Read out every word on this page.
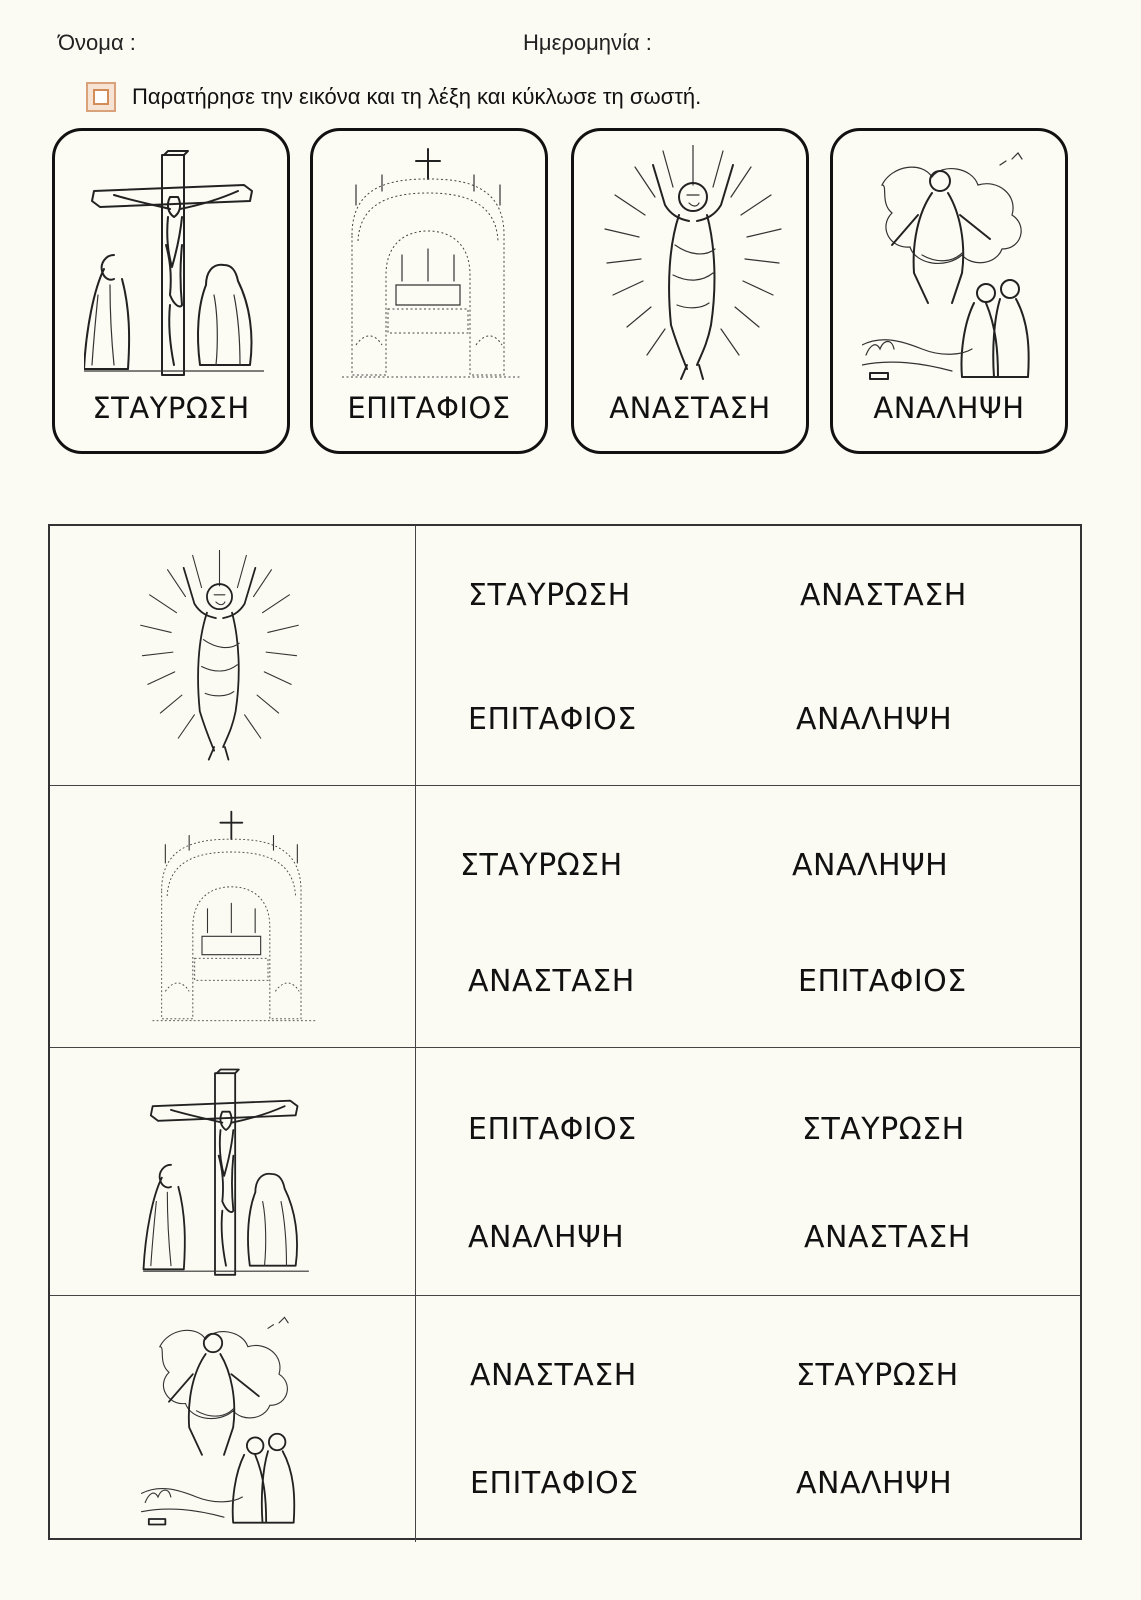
Όνομα :	Ημερομηνία :
Παρατήρησε την εικόνα και τη λέξη και κύκλωσε τη σωστή.
ΣΤΑΥΡΩΣΗ	ΕΠΙΤΑΦΙΟΣ	ΑΝΑΣΤΑΣΗ	ΑΝΑΛΗΨΗ
ΣΤΑΥΡΩΣΗ	ΑΝΑΣΤΑΣΗ
ΕΠΙΤΑΦΙΟΣ	ΑΝΑΛΗΨΗ
ΣΤΑΥΡΩΣΗ	ΑΝΑΛΗΨΗ
ΑΝΑΣΤΑΣΗ	ΕΠΙΤΑΦΙΟΣ
ΕΠΙΤΑΦΙΟΣ	ΣΤΑΥΡΩΣΗ
ΑΝΑΛΗΨΗ	ΑΝΑΣΤΑΣΗ
ΑΝΑΣΤΑΣΗ	ΣΤΑΥΡΩΣΗ
ΕΠΙΤΑΦΙΟΣ	ΑΝΑΛΗΨΗ
